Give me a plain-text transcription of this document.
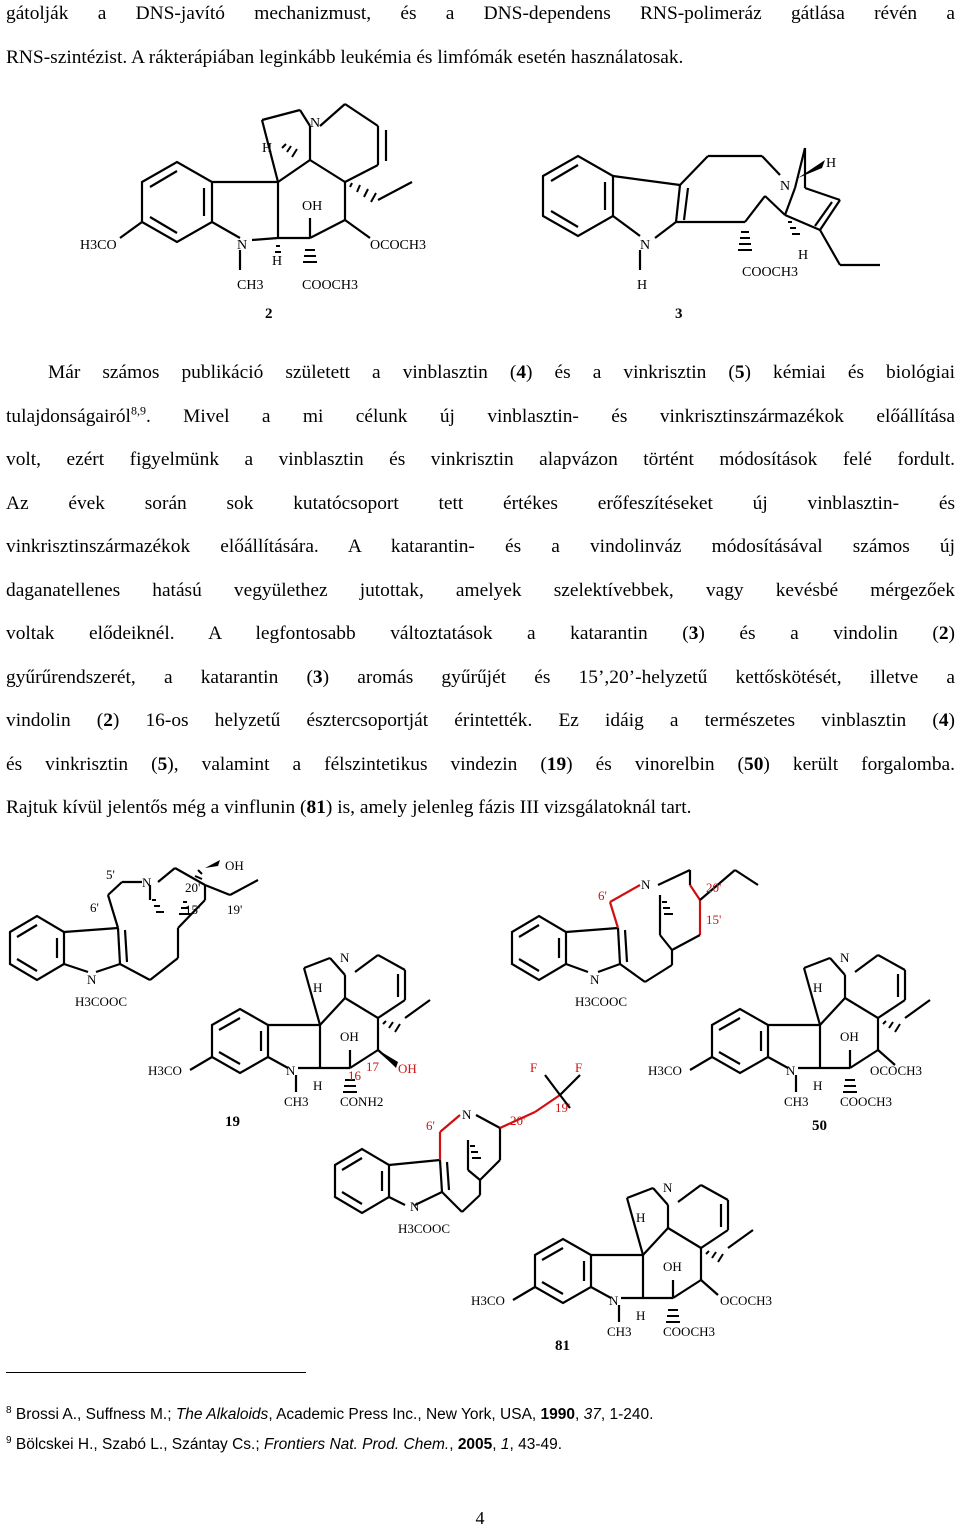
gátolják a DNS-javító mechanizmust, és a DNS-dependens RNS-polimeráz gátlása révén a
RNS-szintézist. A rákterápiában leginkább leukémia és limfómák esetén használatosak.
N
H
OH
H3CO	N
H
OCOCH3
CH3	COOCH3
2
N
H
N
H
COOCH3
H
3
Már számos publikáció született a vinblasztin (4) és a vinkrisztin (5) kémiai és biológiai
tulajdonságairól$^{8,9}$. Mivel a mi célunk új vinblasztin- és vinkrisztinszármazékok előállítása
volt, ezért figyelmünk a vinblasztin és vinkrisztin alapvázon történt módosítások felé fordult.
Az évek során sok kutatócsoport tett értékes erőfeszítéseket új vinblasztin- és
vinkrisztinszármazékok előállítására. A katarantin- és a vindolinváz módosításával számos új
daganatellenes hatású vegyülethez jutottak, amelyek szelektívebbek, vagy kevésbé mérgezőek
voltak elődeiknél. A legfontosabb változtatások a katarantin (3) és a vindolin (2)
gyűrűrendszerét, a katarantin (3) aromás gyűrűjét és 15’,20’-helyzetű kettőskötését, illetve a
vindolin (2) 16-os helyzetű észtercsoportját érintették. Ez idáig a természetes vinblasztin (4)
és vinkrisztin (5), valamint a félszintetikus vindezin (19) és vinorelbin (50) került forgalomba.
Rajtuk kívül jelentős még a vinflunin (81) is, amely jelenleg fázis III vizsgálatoknál tart.
N
OH
5'
6'
20'
15' 19'
N
H3COOC
N
H
OH
H3CO	N
H
16
17 OH
CH3 CONH2
19
N
6'
20'
15'
N
H3COOC
N
H
OH
H3CO	N
H
OCOCH3
CH3 COOCH3
50
N
6'	20'
19'
F	F
N
H3COOC
N
H
OH
H3CO	N
H
OCOCH3
CH3 COOCH3
81
$^8$ Brossi A., Suffness M.; The Alkaloids, Academic Press Inc., New York, USA, 1990, 37, 1-240.
$^9$ Bölcskei H., Szabó L., Szántay Cs.; Frontiers Nat. Prod. Chem., 2005, 1, 43-49.
4
